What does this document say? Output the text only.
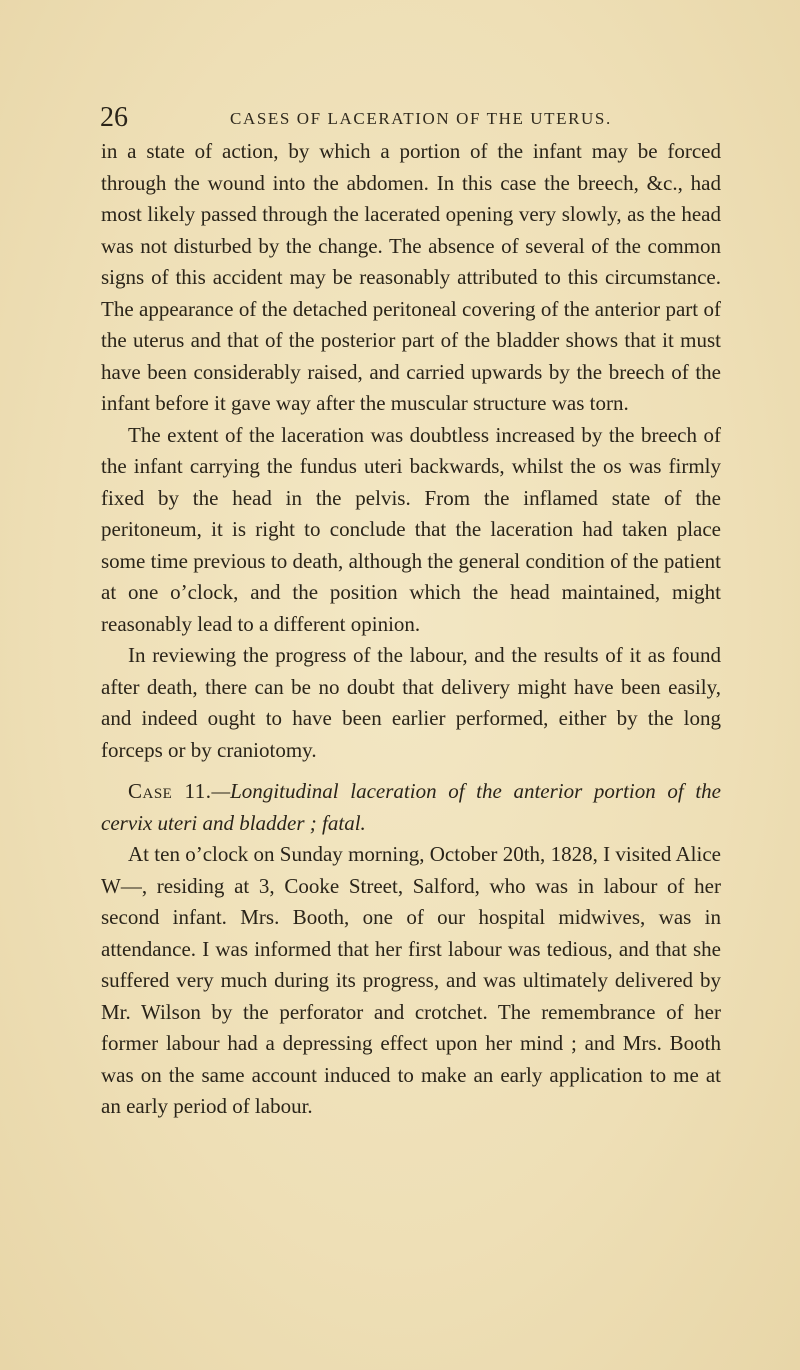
26	CASES OF LACERATION OF THE UTERUS.

in a state of action, by which a portion of the infant may be forced through the wound into the abdomen. In this case the breech, &c., had most likely passed through the lacerated opening very slowly, as the head was not disturbed by the change. The absence of several of the common signs of this accident may be reasonably attributed to this circumstance. The appearance of the detached peritoneal covering of the anterior part of the uterus and that of the posterior part of the bladder shows that it must have been considerably raised, and carried upwards by the breech of the infant before it gave way after the muscular structure was torn.

The extent of the laceration was doubtless increased by the breech of the infant carrying the fundus uteri backwards, whilst the os was firmly fixed by the head in the pelvis. From the inflamed state of the peritoneum, it is right to conclude that the laceration had taken place some time previous to death, although the general condition of the patient at one o’clock, and the position which the head maintained, might reasonably lead to a different opinion.

In reviewing the progress of the labour, and the results of it as found after death, there can be no doubt that delivery might have been easily, and indeed ought to have been earlier performed, either by the long forceps or by craniotomy.

Case 11.—Longitudinal laceration of the anterior portion of the cervix uteri and bladder ; fatal.

At ten o’clock on Sunday morning, October 20th, 1828, I visited Alice W—, residing at 3, Cooke Street, Salford, who was in labour of her second infant. Mrs. Booth, one of our hospital midwives, was in attendance. I was informed that her first labour was tedious, and that she suffered very much during its progress, and was ultimately delivered by Mr. Wilson by the perforator and crotchet. The remembrance of her former labour had a depressing effect upon her mind ; and Mrs. Booth was on the same account induced to make an early application to me at an early period of labour.
